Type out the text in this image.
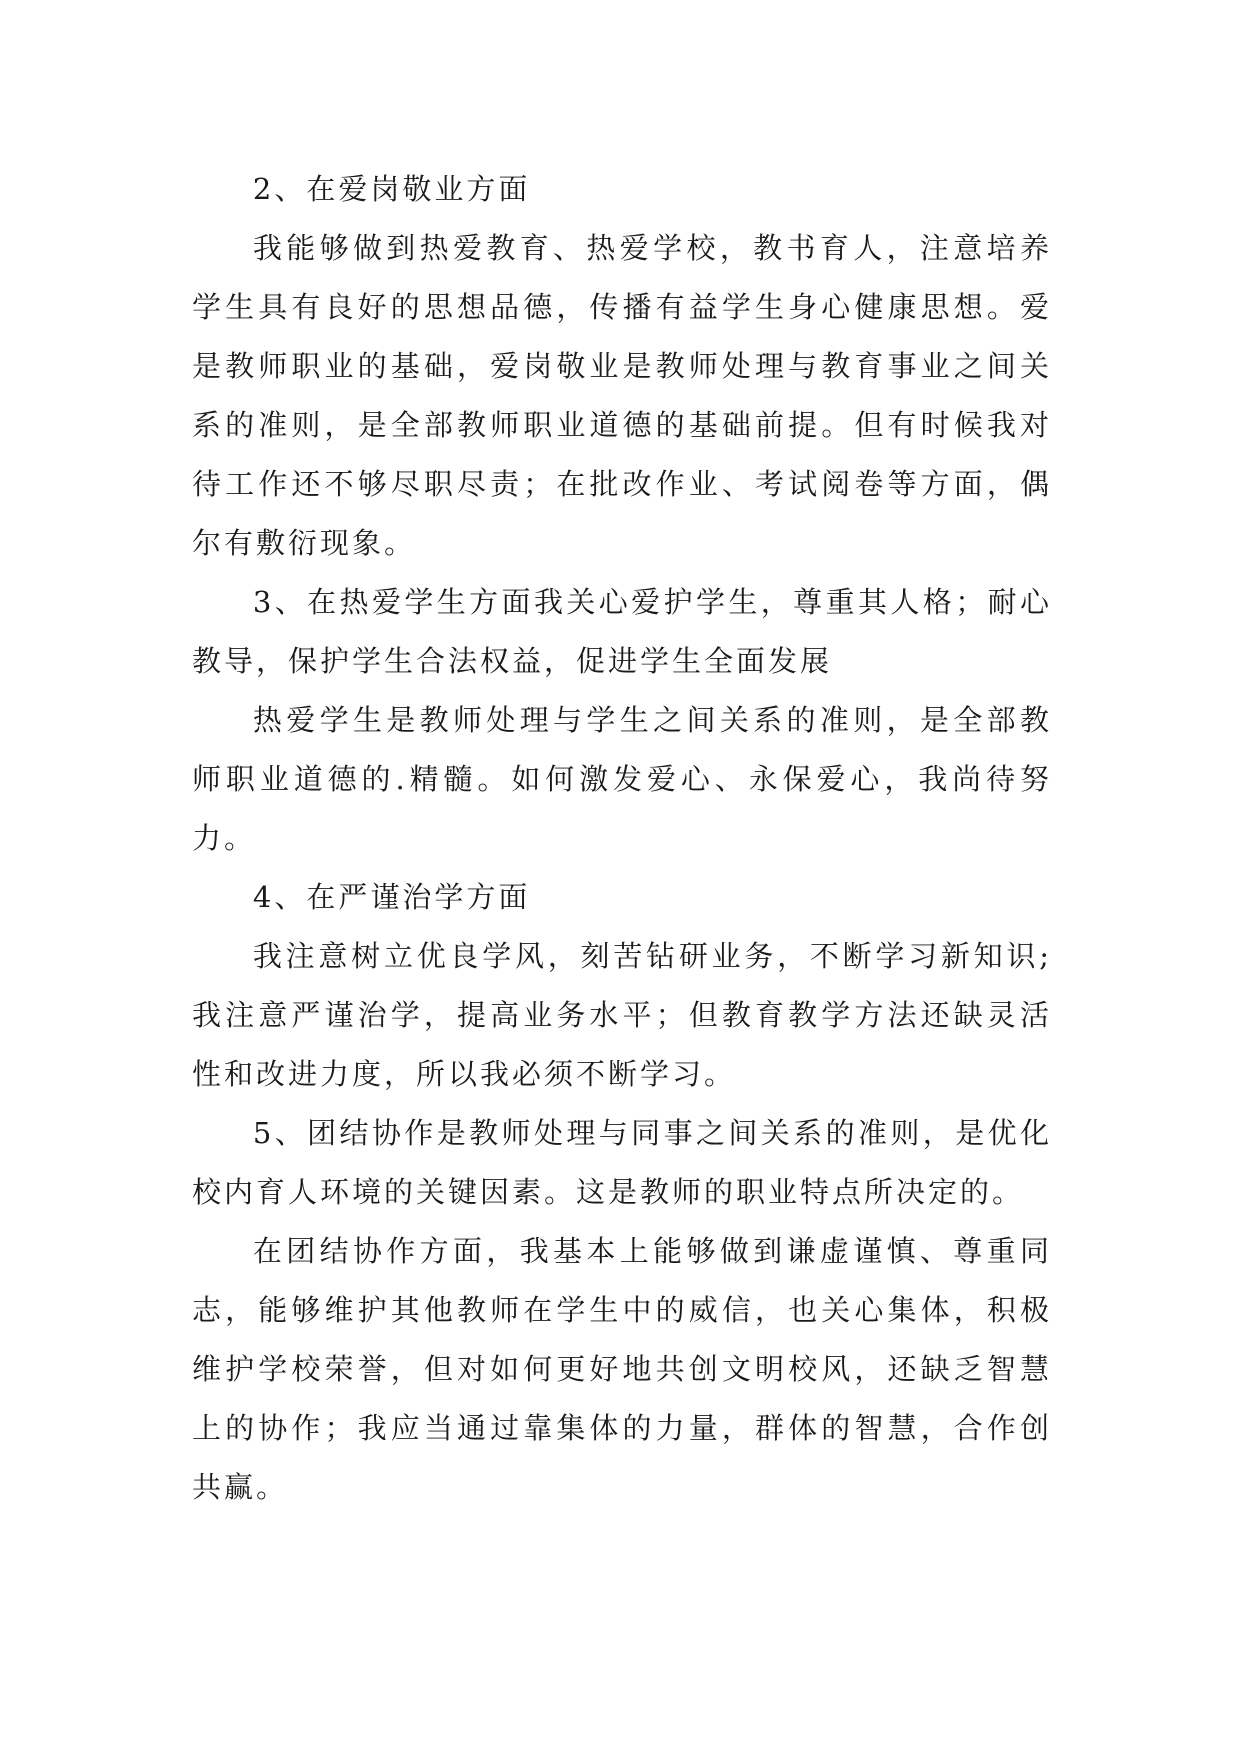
2、在爱岗敬业方面

我能够做到热爱教育、热爱学校，教书育人，注意培养学生具有良好的思想品德，传播有益学生身心健康思想。爱是教师职业的基础，爱岗敬业是教师处理与教育事业之间关系的准则，是全部教师职业道德的基础前提。但有时候我对待工作还不够尽职尽责；在批改作业、考试阅卷等方面，偶尔有敷衍现象。

3、在热爱学生方面我关心爱护学生，尊重其人格；耐心教导，保护学生合法权益，促进学生全面发展

热爱学生是教师处理与学生之间关系的准则，是全部教师职业道德的.精髓。如何激发爱心、永保爱心，我尚待努力。

4、在严谨治学方面

我注意树立优良学风，刻苦钻研业务，不断学习新知识;我注意严谨治学，提高业务水平；但教育教学方法还缺灵活性和改进力度，所以我必须不断学习。

5、团结协作是教师处理与同事之间关系的准则，是优化校内育人环境的关键因素。这是教师的职业特点所决定的。

在团结协作方面，我基本上能够做到谦虚谨慎、尊重同志，能够维护其他教师在学生中的威信，也关心集体，积极维护学校荣誉，但对如何更好地共创文明校风，还缺乏智慧上的协作；我应当通过靠集体的力量，群体的智慧，合作创共赢。
